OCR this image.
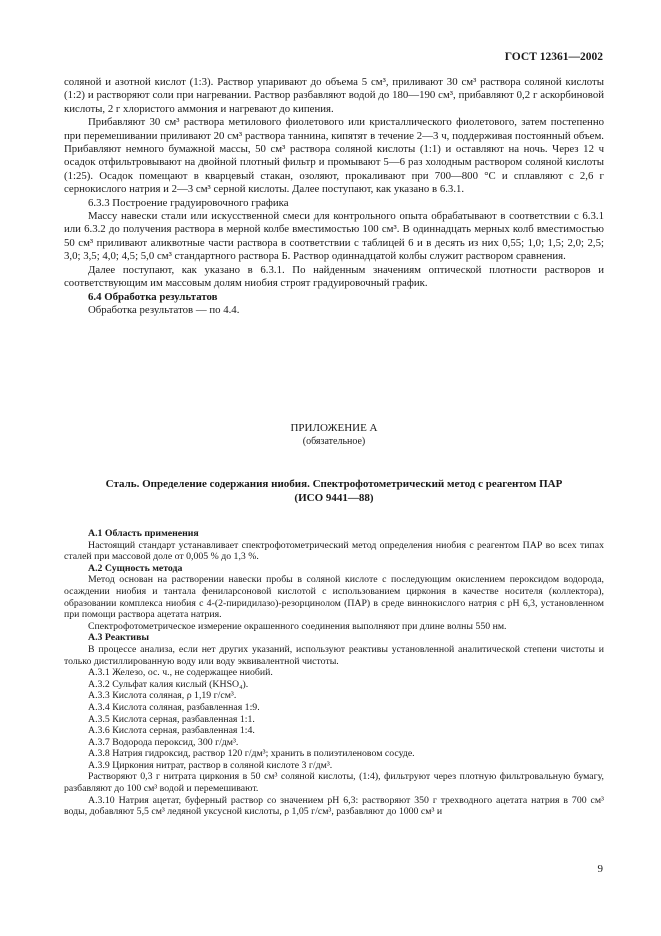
ГОСТ 12361—2002

соляной и азотной кислот (1:3). Раствор упаривают до объема 5 см³, приливают 30 см³ раствора соляной кислоты (1:2) и растворяют соли при нагревании. Раствор разбавляют водой до 180—190 см³, прибавляют 0,2 г аскорбиновой кислоты, 2 г хлористого аммония и нагревают до кипения.

Прибавляют 30 см³ раствора метилового фиолетового или кристаллического фиолетового, затем постепенно при перемешивании приливают 20 см³ раствора таннина, кипятят в течение 2—3 ч, поддерживая постоянный объем. Прибавляют немного бумажной массы, 50 см³ раствора соляной кислоты (1:1) и оставляют на ночь. Через 12 ч осадок отфильтровывают на двойной плотный фильтр и промывают 5—6 раз холодным раствором соляной кислоты (1:25). Осадок помещают в кварцевый стакан, озоляют, прокаливают при 700—800 °С и сплавляют с 2,6 г сернокислого натрия и 2—3 см³ серной кислоты. Далее поступают, как указано в 6.3.1.

6.3.3 Построение градуировочного графика

Массу навески стали или искусственной смеси для контрольного опыта обрабатывают в соответствии с 6.3.1 или 6.3.2 до получения раствора в мерной колбе вместимостью 100 см³. В одиннадцать мерных колб вместимостью 50 см³ приливают аликвотные части раствора в соответствии с таблицей 6 и в десять из них 0,55; 1,0; 1,5; 2,0; 2,5; 3,0; 3,5; 4,0; 4,5; 5,0 см³ стандартного раствора Б. Раствор одиннадцатой колбы служит раствором сравнения.

Далее поступают, как указано в 6.3.1. По найденным значениям оптической плотности растворов и соответствующим им массовым долям ниобия строят градуировочный график.

6.4 Обработка результатов

Обработка результатов — по 4.4.

ПРИЛОЖЕНИЕ А
(обязательное)
Сталь. Определение содержания ниобия. Спектрофотометрический метод с реагентом ПАР
(ИСО 9441—88)

А.1 Область применения

Настоящий стандарт устанавливает спектрофотометрический метод определения ниобия с реагентом ПАР во всех типах сталей при массовой доле от 0,005 % до 1,3 %.

А.2 Сущность метода

Метод основан на растворении навески пробы в соляной кислоте с последующим окислением пероксидом водорода, осаждении ниобия и тантала фениларсоновой кислотой с использованием циркония в качестве носителя (коллектора), образовании комплекса ниобия с 4-(2-пиридилазо)-резорцинолом (ПАР) в среде виннокислого натрия с рН 6,3, установленном при помощи раствора ацетата натрия.

Спектрофотометрическое измерение окрашенного соединения выполняют при длине волны 550 нм.

А.3 Реактивы

В процессе анализа, если нет других указаний, используют реактивы установленной аналитической степени чистоты и только дистиллированную воду или воду эквивалентной чистоты.

А.3.1 Железо, ос. ч., не содержащее ниобий.

А.3.2 Сульфат калия кислый (KHSO₄).

А.3.3 Кислота соляная, ρ 1,19 г/см³.

А.3.4 Кислота соляная, разбавленная 1:9.

А.3.5 Кислота серная, разбавленная 1:1.

А.3.6 Кислота серная, разбавленная 1:4.

А.3.7 Водорода пероксид, 300 г/дм³.

А.3.8 Натрия гидроксид, раствор 120 г/дм³; хранить в полиэтиленовом сосуде.

А.3.9 Циркония нитрат, раствор в соляной кислоте 3 г/дм³.

Растворяют 0,3 г нитрата циркония в 50 см³ соляной кислоты, (1:4), фильтруют через плотную фильтровальную бумагу, разбавляют до 100 см³ водой и перемешивают.

А.3.10 Натрия ацетат, буферный раствор со значением рН 6,3: растворяют 350 г трехводного ацетата натрия в 700 см³ воды, добавляют 5,5 см³ ледяной уксусной кислоты, ρ 1,05 г/см³, разбавляют до 1000 см³ и

9
